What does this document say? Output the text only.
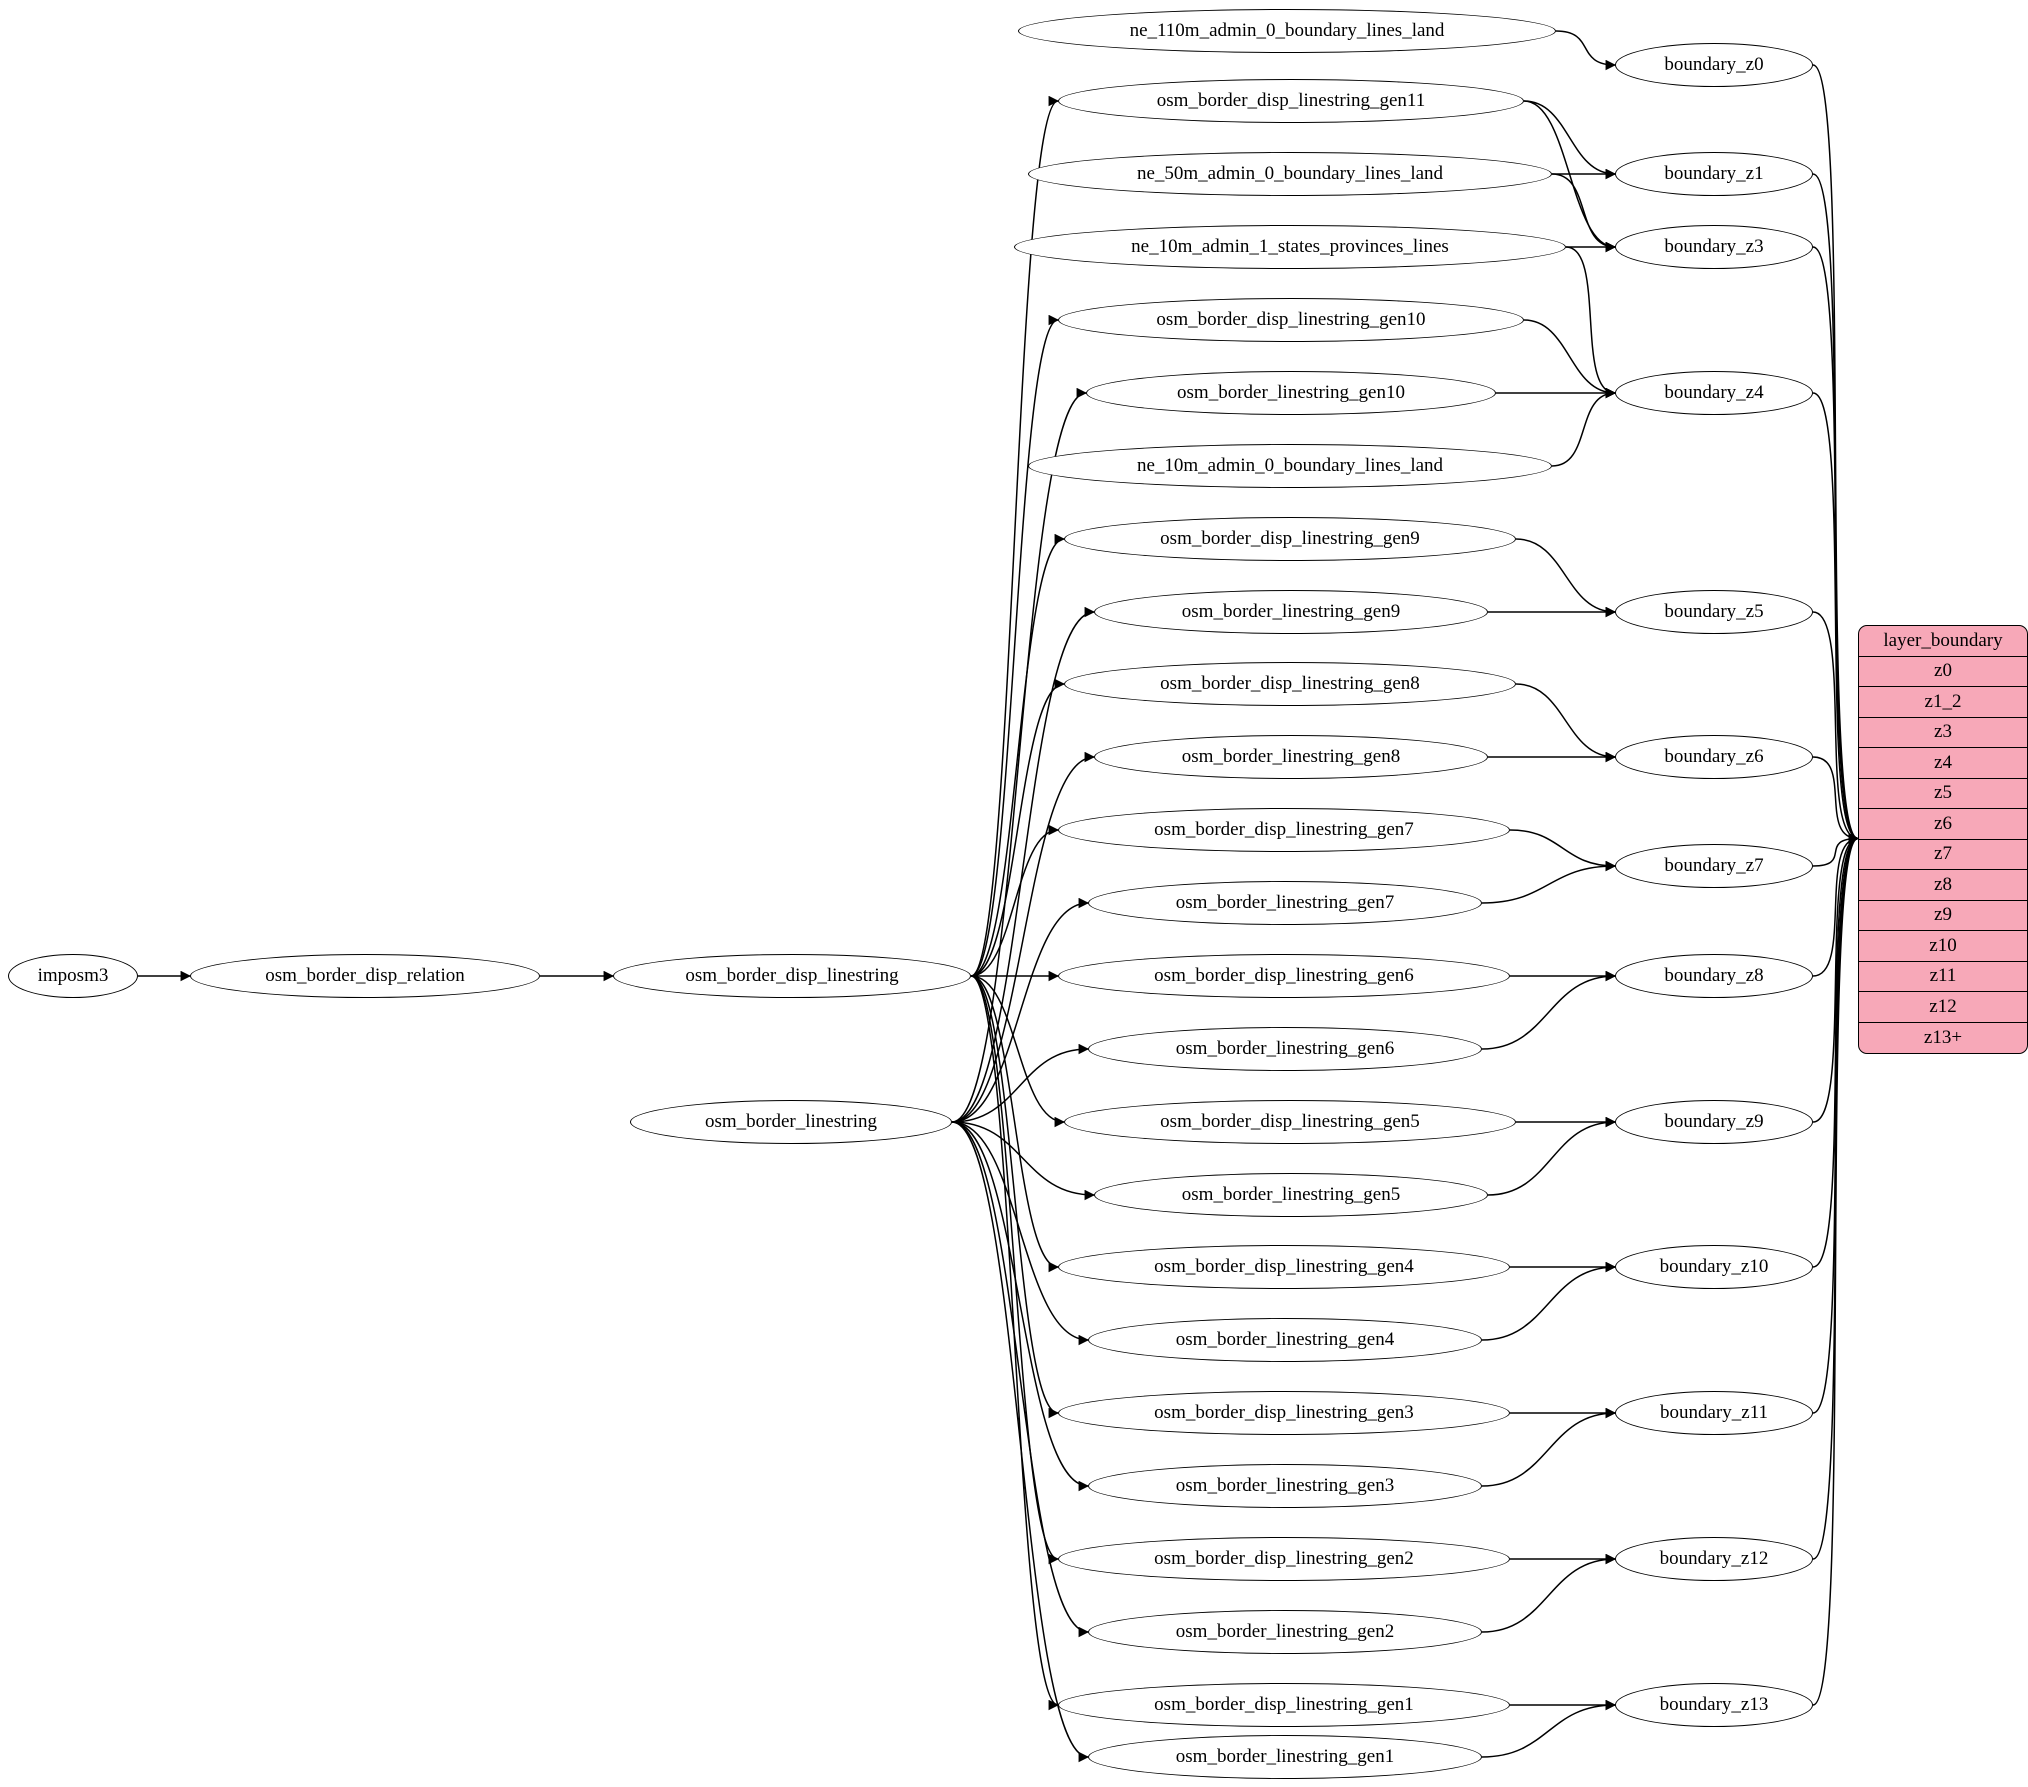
imposm3	osm_border_disp_relation	osm_border_disp_linestring
osm_border_linestring
ne_110m_admin_0_boundary_lines_land
osm_border_disp_linestring_gen11
ne_50m_admin_0_boundary_lines_land
ne_10m_admin_1_states_provinces_lines
osm_border_disp_linestring_gen10
osm_border_linestring_gen10
ne_10m_admin_0_boundary_lines_land
osm_border_disp_linestring_gen9
osm_border_linestring_gen9
osm_border_disp_linestring_gen8
osm_border_linestring_gen8
osm_border_disp_linestring_gen7
osm_border_linestring_gen7
osm_border_disp_linestring_gen6
osm_border_linestring_gen6
osm_border_disp_linestring_gen5
osm_border_linestring_gen5
osm_border_disp_linestring_gen4
osm_border_linestring_gen4
osm_border_disp_linestring_gen3
osm_border_linestring_gen3
osm_border_disp_linestring_gen2
osm_border_linestring_gen2
osm_border_disp_linestring_gen1
osm_border_linestring_gen1
boundary_z0
boundary_z1
boundary_z3
boundary_z4
boundary_z5
boundary_z6
boundary_z7
boundary_z8
boundary_z9
boundary_z10
boundary_z11
boundary_z12
boundary_z13
layer_boundary
z0
z1_2
z3
z4
z5
z6
z7
z8
z9
z10
z11
z12
z13+
